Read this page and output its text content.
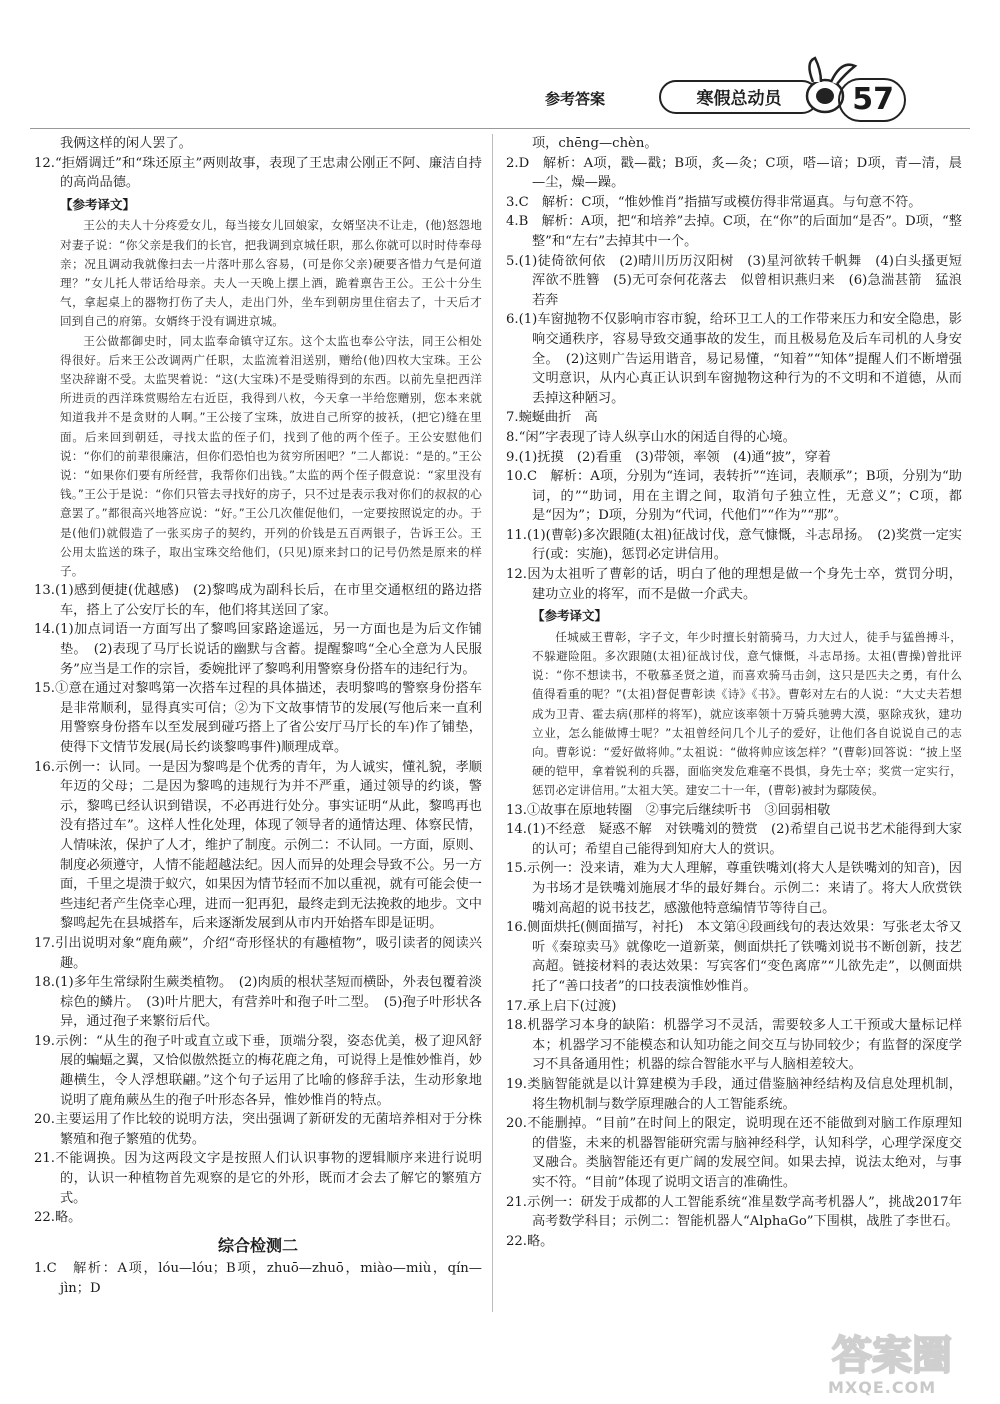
参考答案	寒假总动员	57

我俩这样的闲人罢了。

12.“拒婿调迁”和“珠还原主”两则故事，表现了王忠肃公刚正不阿、廉洁自持的高尚品德。

【参考译文】

王公的夫人十分疼爱女儿，每当接女儿回娘家，女婿坚决不让走，(他)怒怨地对妻子说：“你父亲是我们的长官，把我调到京城任职，那么你就可以时时侍奉母亲；况且调动我就像扫去一片落叶那么容易，(可是你父亲)硬要吝惜力气是何道理？”女儿托人带话给母亲。夫人一天晚上摆上酒，跪着禀告王公。王公十分生气，拿起桌上的器物打伤了夫人，走出门外，坐车到朝房里住宿去了，十天后才回到自己的府第。女婿终于没有调进京城。

王公做都御史时，同太监奉命镇守辽东。这个太监也奉公守法，同王公相处得很好。后来王公改调两广任职，太监流着泪送别，赠给(他)四枚大宝珠。王公坚决辞谢不受。太监哭着说：“这(大宝珠)不是受贿得到的东西。以前先皇把西洋所进贡的西洋珠赏赐给左右近臣，我得到八枚，今天拿一半给您赠别，您本来就知道我并不是贪财的人啊。”王公接了宝珠，放进自己所穿的披袄，(把它)缝在里面。后来回到朝廷，寻找太监的侄子们，找到了他的两个侄子。王公安慰他们说：“你们的前辈很廉洁，但你们恐怕也为贫穷所困吧？”二人都说：“是的。”王公说：“如果你们要有所经营，我帮你们出钱。”太监的两个侄子假意说：“家里没有钱。”王公于是说：“你们只管去寻找好的房子，只不过是表示我对你们的叔叔的心意罢了。”都很高兴地答应说：“好。”王公几次催促他们，一定要按照说定的办。于是(他们)就假造了一张买房子的契约，开列的价钱是五百两银子，告诉王公。王公用太监送的珠子，取出宝珠交给他们，(只见)原来封口的记号仍然是原来的样子。

13.(1)感到便捷(优越感)　(2)黎鸣成为副科长后，在市里交通枢纽的路边搭车，搭上了公安厅长的车，他们将其送回了家。

14.(1)加点词语一方面写出了黎鸣回家路途遥远，另一方面也是为后文作铺垫。　(2)表现了马厅长说话的幽默与含蓄。提醒黎鸣“全心全意为人民服务”应当是工作的宗旨，委婉批评了黎鸣利用警察身份搭车的违纪行为。

15.①意在通过对黎鸣第一次搭车过程的具体描述，表明黎鸣的警察身份搭车是非常顺利，显得真实可信；②为下文故事情节的发展(写他后来一直利用警察身份搭车以至发展到碰巧搭上了省公安厅马厅长的车)作了铺垫，使得下文情节发展(局长约谈黎鸣事件)顺理成章。

16.示例一：认同。一是因为黎鸣是个优秀的青年，为人诚实，懂礼貌，孝顺年迈的父母；二是因为黎鸣的违规行为并不严重，通过领导的约谈，警示，黎鸣已经认识到错误，不必再进行处分。事实证明“从此，黎鸣再也没有搭过车”。这样人性化处理，体现了领导者的通情达理、体察民情，人情味浓，保护了人才，维护了制度。示例二：不认同。一方面，原则、制度必须遵守，人情不能超越法纪。因人而异的处理会导致不公。另一方面，千里之堤溃于蚁穴，如果因为情节轻而不加以重视，就有可能会使一些违纪者产生侥幸心理，进而一犯再犯，最终走到无法挽救的地步。文中黎鸣起先在县城搭车，后来逐渐发展到从市内开始搭车即是证明。

17.引出说明对象“鹿角蕨”，介绍“奇形怪状的有趣植物”，吸引读者的阅读兴趣。

18.(1)多年生常绿附生蕨类植物。　(2)肉质的根状茎短而横卧，外表包覆着淡棕色的鳞片。　(3)叶片肥大，有营养叶和孢子叶二型。　(5)孢子叶形状各异，通过孢子来繁衍后代。

19.示例：“从生的孢子叶或直立或下垂，顶端分裂，姿态优美，极了迎风舒展的蝙蝠之翼，又恰似傲然挺立的梅花鹿之角，可说得上是惟妙惟肖，妙趣横生，令人浮想联翩。”这个句子运用了比喻的修辞手法，生动形象地说明了鹿角蕨丛生的孢子叶形态各异，惟妙惟肖的特点。

20.主要运用了作比较的说明方法，突出强调了新研发的无菌培养相对于分株繁殖和孢子繁殖的优势。

21.不能调换。因为这两段文字是按照人们认识事物的逻辑顺序来进行说明的，认识一种植物首先观察的是它的外形，既而才会去了解它的繁殖方式。

22.略。

综合检测二

1.C　解析：A项，lóu—lóu；B项，zhuō—zhuō，miào—miù，qín—jìn；D

项，chēng—chèn。

2.D　解析：A项，戳—戳；B项，炙—灸；C项，嗒—谙；D项，青—清，晨—尘，燥—躁。

3.C　解析：C项，“惟妙惟肖”指描写或模仿得非常逼真。与句意不符。

4.B　解析：A项，把“和培养”去掉。C项，在“你”的后面加“是否”。D项，“整整”和“左右”去掉其中一个。

5.(1)徒倚欲何依　(2)晴川历历汉阳树　(3)星河欲转千帆舞　(4)白头搔更短　浑欲不胜簪　(5)无可奈何花落去　似曾相识燕归来　(6)急湍甚箭　猛浪若奔

6.(1)车窗抛物不仅影响市容市貌，给环卫工人的工作带来压力和安全隐患，影响交通秩序，容易导致交通事故的发生，而且极易危及后车司机的人身安全。　(2)这则广告运用谐音，易记易懂，“知着”“知体”提醒人们不断增强文明意识，从内心真正认识到车窗抛物这种行为的不文明和不道德，从而丢掉这种陋习。

7.蜿蜒曲折　高

8.“闲”字表现了诗人纵享山水的闲适自得的心境。

9.(1)抚摸　(2)看重　(3)带领，率领　(4)通“披”，穿着

10.C　解析：A项，分别为“连词，表转折”“连词，表顺承”；B项，分别为“助词，的”“助词，用在主谓之间，取消句子独立性，无意义”；C项，都是“因为”；D项，分别为“代词，代他们”“作为”“那”。

11.(1)(曹彰)多次跟随(太祖)征战讨伐，意气慷慨，斗志昂扬。　(2)奖赏一定实行(或：实施)，惩罚必定讲信用。

12.因为太祖听了曹彰的话，明白了他的理想是做一个身先士卒，赏罚分明，建功立业的将军，而不是做一介武夫。

【参考译文】

任城威王曹彰，字子文，年少时擅长射箭骑马，力大过人，徒手与猛兽搏斗，不躲避险阻。多次跟随(太祖)征战讨伐，意气慷慨，斗志昂扬。太祖(曹操)曾批评说：“你不想读书，不敬慕圣贤之道，而喜欢骑马击剑，这只是匹夫之勇，有什么值得看重的呢？”(太祖)督促曹彰读《诗》《书》。曹彰对左右的人说：“大丈夫若想成为卫青、霍去病(那样的将军)，就应该率领十万骑兵驰骋大漠，驱除戎狄，建功立业，怎么能做博士呢？”太祖曾经问几个儿子的爱好，让他们各自说说自己的志向。曹彰说：“爱好做将帅。”太祖说：“做将帅应该怎样？”(曹彰)回答说：“披上坚硬的铠甲，拿着锐利的兵器，面临突发危难毫不畏惧，身先士卒；奖赏一定实行，惩罚必定讲信用。”太祖大笑。建安二十一年，(曹彰)被封为鄢陵侯。

13.①故事在原地转圈　②事完后继续听书　③回弱相敬

14.(1)不经意　疑惑不解　对铁嘴刘的赞赏　(2)希望自己说书艺术能得到大家的认可；希望自己能得到知府大人的赏识。

15.示例一：没来请，难为大人理解，尊重铁嘴刘(将大人是铁嘴刘的知音)，因为书场才是铁嘴刘施展才华的最好舞台。示例二：来请了。将大人欣赏铁嘴刘高超的说书技艺，感激他特意编情节等待自己。

16.侧面烘托(侧面描写，衬托)　本文第④段画线句的表达效果：写张老太爷又听《秦琼卖马》就像吃一道新菜，侧面烘托了铁嘴刘说书不断创新，技艺高超。链接材料的表达效果：写宾客们“变色离席”“儿欲先走”，以侧面烘托了“善口技者”的口技表演惟妙惟肖。

17.承上启下(过渡)

18.机器学习本身的缺陷：机器学习不灵活，需要较多人工干预或大量标记样本；机器学习不能模态和认知功能之间交互与协同较少；有监督的深度学习不具备通用性；机器的综合智能水平与人脑相差较大。

19.类脑智能就是以计算建模为手段，通过借鉴脑神经结构及信息处理机制，将生物机制与数学原理融合的人工智能系统。

20.不能删掉。“目前”在时间上的限定，说明现在还不能做到对脑工作原理知的借鉴，未来的机器智能研究需与脑神经科学，认知科学，心理学深度交叉融合。类脑智能还有更广阔的发展空间。如果去掉，说法太绝对，与事实不符。“目前”体现了说明文语言的准确性。

21.示例一：研发于成都的人工智能系统“准星数学高考机器人”，挑战2017年高考数学科目；示例二：智能机器人“AlphaGo”下围棋，战胜了李世石。

22.略。

答案圈
MXQE.COM
